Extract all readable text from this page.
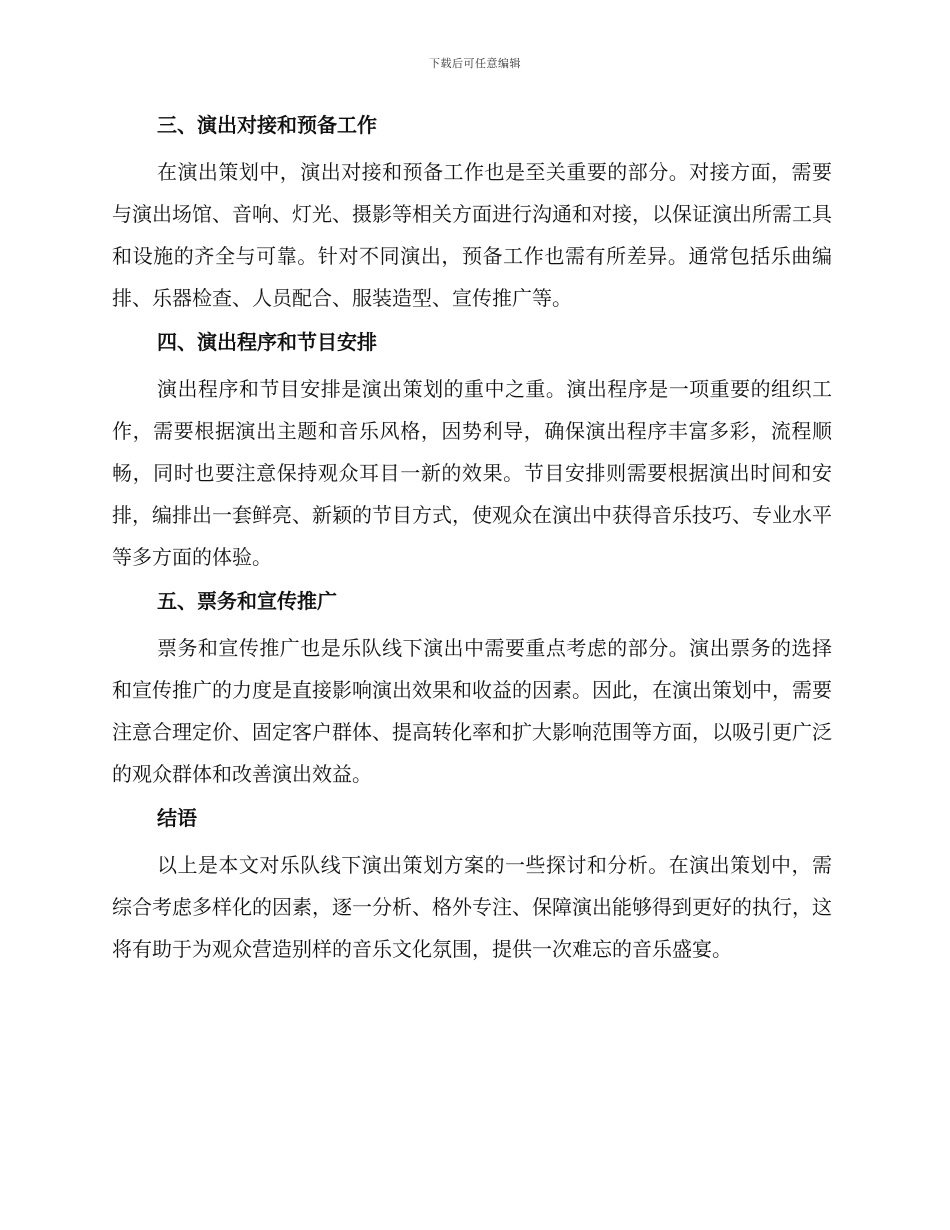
下载后可任意编辑
三、演出对接和预备工作

在演出策划中，演出对接和预备工作也是至关重要的部分。对接方面，需要与演出场馆、音响、灯光、摄影等相关方面进行沟通和对接，以保证演出所需工具和设施的齐全与可靠。针对不同演出，预备工作也需有所差异。通常包括乐曲编排、乐器检查、人员配合、服装造型、宣传推广等。

四、演出程序和节目安排

演出程序和节目安排是演出策划的重中之重。演出程序是一项重要的组织工作，需要根据演出主题和音乐风格，因势利导，确保演出程序丰富多彩，流程顺畅，同时也要注意保持观众耳目一新的效果。节目安排则需要根据演出时间和安排，编排出一套鲜亮、新颖的节目方式，使观众在演出中获得音乐技巧、专业水平等多方面的体验。

五、票务和宣传推广

票务和宣传推广也是乐队线下演出中需要重点考虑的部分。演出票务的选择和宣传推广的力度是直接影响演出效果和收益的因素。因此，在演出策划中，需要注意合理定价、固定客户群体、提高转化率和扩大影响范围等方面，以吸引更广泛的观众群体和改善演出效益。

结语

以上是本文对乐队线下演出策划方案的一些探讨和分析。在演出策划中，需综合考虑多样化的因素，逐一分析、格外专注、保障演出能够得到更好的执行，这将有助于为观众营造别样的音乐文化氛围，提供一次难忘的音乐盛宴。
